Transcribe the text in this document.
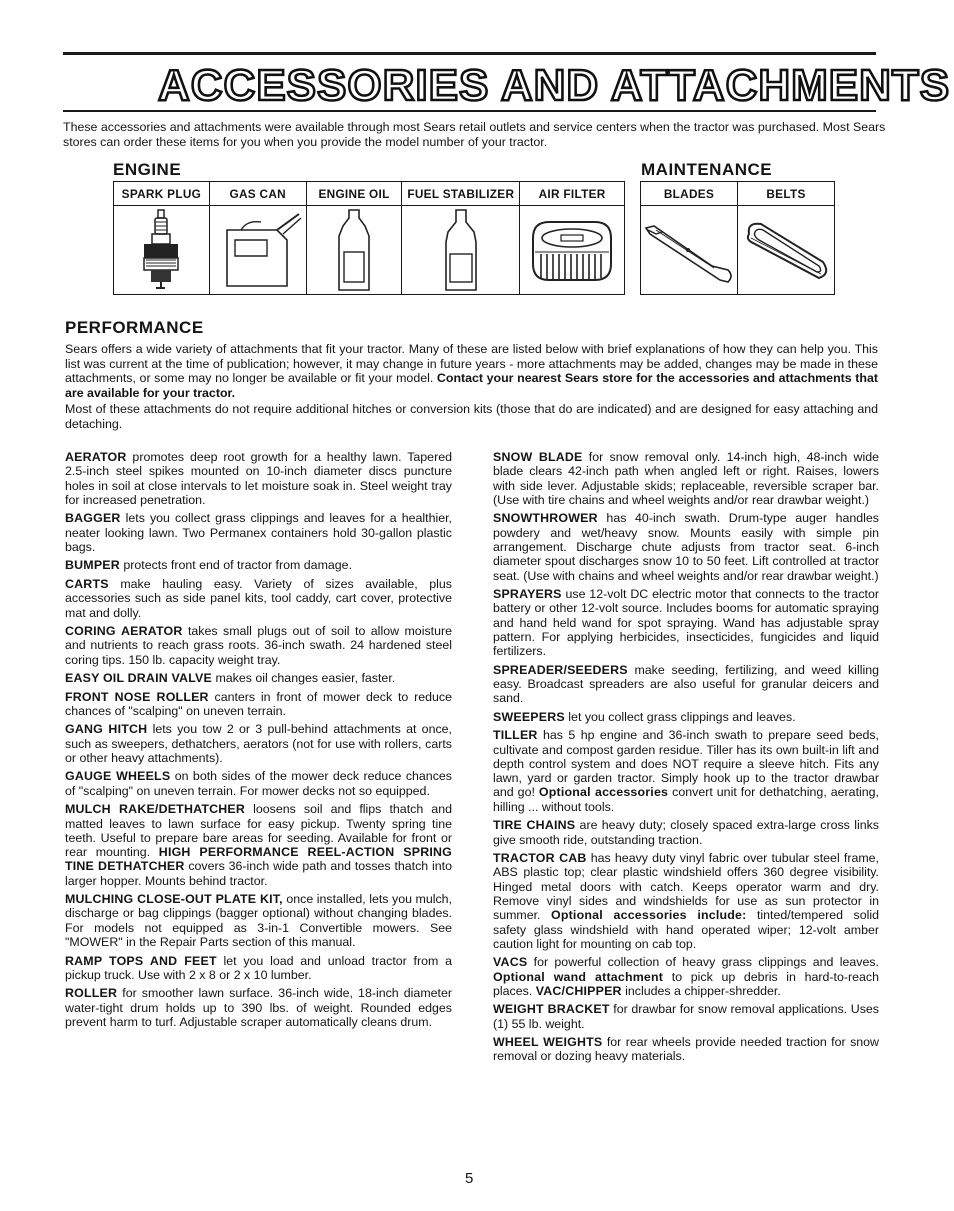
ACCESSORIES AND ATTACHMENTS
These accessories and attachments were available through most Sears retail outlets and service centers when the tractor was purchased. Most Sears stores can order these items for you when you provide the model number of your tractor.
ENGINE
SPARK PLUG	GAS CAN	ENGINE OIL	FUEL STABILIZER	AIR FILTER

MAINTENANCE
BLADES	BELTS

PERFORMANCE
Sears offers a wide variety of attachments that fit your tractor. Many of these are listed below with brief explanations of how they can help you. This list was current at the time of publication; however, it may change in future years - more attachments may be added, changes may be made in these attachments, or some may no longer be available or fit your model. Contact your nearest Sears store for the accessories and attachments that are available for your tractor.
Most of these attachments do not require additional hitches or conversion kits (those that do are indicated) and are designed for easy attaching and detaching.

AERATOR promotes deep root growth for a healthy lawn. Tapered 2.5-inch steel spikes mounted on 10-inch diameter discs puncture holes in soil at close intervals to let moisture soak in. Steel weight tray for increased penetration.

BAGGER lets you collect grass clippings and leaves for a healthier, neater looking lawn. Two Permanex containers hold 30-gallon plastic bags.

BUMPER protects front end of tractor from damage.

CARTS make hauling easy. Variety of sizes available, plus accessories such as side panel kits, tool caddy, cart cover, protective mat and dolly.

CORING AERATOR takes small plugs out of soil to allow moisture and nutrients to reach grass roots. 36-inch swath. 24 hardened steel coring tips. 150 lb. capacity weight tray.

EASY OIL DRAIN VALVE makes oil changes easier, faster.

FRONT NOSE ROLLER canters in front of mower deck to reduce chances of "scalping" on uneven terrain.

GANG HITCH lets you tow 2 or 3 pull-behind attachments at once, such as sweepers, dethatchers, aerators (not for use with rollers, carts or other heavy attachments).

GAUGE WHEELS on both sides of the mower deck reduce chances of "scalping" on uneven terrain. For mower decks not so equipped.

MULCH RAKE/DETHATCHER loosens soil and flips thatch and matted leaves to lawn surface for easy pickup. Twenty spring tine teeth. Useful to prepare bare areas for seeding. Available for front or rear mounting. HIGH PERFORMANCE REEL-ACTION SPRING TINE DETHATCHER covers 36-inch wide path and tosses thatch into larger hopper. Mounts behind tractor.

MULCHING CLOSE-OUT PLATE KIT, once installed, lets you mulch, discharge or bag clippings (bagger optional) without changing blades. For models not equipped as 3-in-1 Convertible mowers. See "MOWER" in the Repair Parts section of this manual.

RAMP TOPS AND FEET let you load and unload tractor from a pickup truck. Use with 2 x 8 or 2 x 10 lumber.

ROLLER for smoother lawn surface. 36-inch wide, 18-inch diameter water-tight drum holds up to 390 lbs. of weight. Rounded edges prevent harm to turf. Adjustable scraper automatically cleans drum.

SNOW BLADE for snow removal only. 14-inch high, 48-inch wide blade clears 42-inch path when angled left or right. Raises, lowers with side lever. Adjustable skids; replaceable, reversible scraper bar. (Use with tire chains and wheel weights and/or rear drawbar weight.)

SNOWTHROWER has 40-inch swath. Drum-type auger handles powdery and wet/heavy snow. Mounts easily with simple pin arrangement. Discharge chute adjusts from tractor seat. 6-inch diameter spout discharges snow 10 to 50 feet. Lift controlled at tractor seat. (Use with chains and wheel weights and/or rear drawbar weight.)

SPRAYERS use 12-volt DC electric motor that connects to the tractor battery or other 12-volt source. Includes booms for automatic spraying and hand held wand for spot spraying. Wand has adjustable spray pattern. For applying herbicides, insecticides, fungicides and liquid fertilizers.

SPREADER/SEEDERS make seeding, fertilizing, and weed killing easy. Broadcast spreaders are also useful for granular deicers and sand.

SWEEPERS let you collect grass clippings and leaves.

TILLER has 5 hp engine and 36-inch swath to prepare seed beds, cultivate and compost garden residue. Tiller has its own built-in lift and depth control system and does NOT require a sleeve hitch. Fits any lawn, yard or garden tractor. Simply hook up to the tractor drawbar and go! Optional accessories convert unit for dethatching, aerating, hilling ... without tools.

TIRE CHAINS are heavy duty; closely spaced extra-large cross links give smooth ride, outstanding traction.

TRACTOR CAB has heavy duty vinyl fabric over tubular steel frame, ABS plastic top; clear plastic windshield offers 360 degree visibility. Hinged metal doors with catch. Keeps operator warm and dry. Remove vinyl sides and windshields for use as sun protector in summer. Optional accessories include: tinted/tempered solid safety glass windshield with hand operated wiper; 12-volt amber caution light for mounting on cab top.

VACS for powerful collection of heavy grass clippings and leaves. Optional wand attachment to pick up debris in hard-to-reach places. VAC/CHIPPER includes a chipper-shredder.

WEIGHT BRACKET for drawbar for snow removal applications. Uses (1) 55 lb. weight.

WHEEL WEIGHTS for rear wheels provide needed traction for snow removal or dozing heavy materials.

5
